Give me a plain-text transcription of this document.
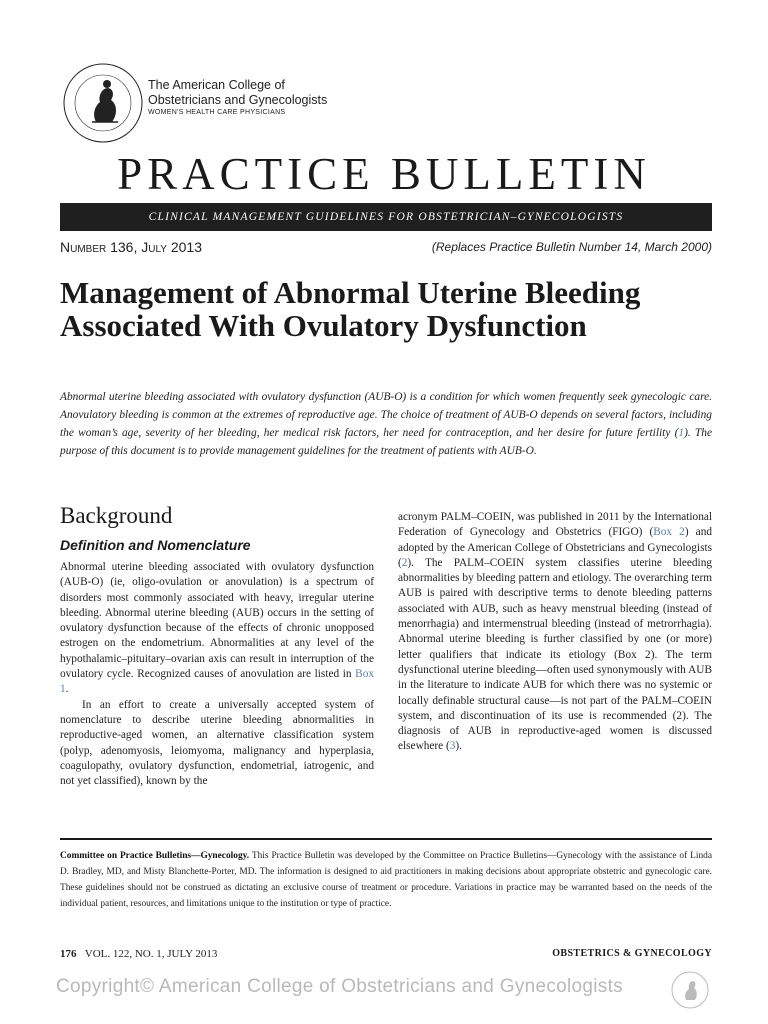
The American College of
Obstetricians and Gynecologists
WOMEN'S HEALTH CARE PHYSICIANS
PRACTICE BULLETIN
CLINICAL MANAGEMENT GUIDELINES FOR OBSTETRICIAN–GYNECOLOGISTS
Number 136, July 2013	(Replaces Practice Bulletin Number 14, March 2000)
Management of Abnormal Uterine Bleeding Associated With Ovulatory Dysfunction
Abnormal uterine bleeding associated with ovulatory dysfunction (AUB-O) is a condition for which women frequently seek gynecologic care. Anovulatory bleeding is common at the extremes of reproductive age. The choice of treatment of AUB-O depends on several factors, including the woman’s age, severity of her bleeding, her medical risk factors, her need for contraception, and her desire for future fertility (1). The purpose of this document is to provide management guidelines for the treatment of patients with AUB-O.
Background
Definition and Nomenclature

Abnormal uterine bleeding associated with ovulatory dysfunction (AUB-O) (ie, oligo-ovulation or anovulation) is a spectrum of disorders most commonly associated with heavy, irregular uterine bleeding. Abnormal uterine bleeding (AUB) occurs in the setting of ovulatory dysfunction because of the effects of chronic unopposed estrogen on the endometrium. Abnormalities at any level of the hypothalamic–pituitary–ovarian axis can result in interruption of the ovulatory cycle. Recognized causes of anovulation are listed in Box 1.

In an effort to create a universally accepted system of nomenclature to describe uterine bleeding abnormalities in reproductive-aged women, an alternative classification system (polyp, adenomyosis, leiomyoma, malignancy and hyperplasia, coagulopathy, ovulatory dysfunction, endometrial, iatrogenic, and not yet classified), known by the

acronym PALM–COEIN, was published in 2011 by the International Federation of Gynecology and Obstetrics (FIGO) (Box 2) and adopted by the American College of Obstetricians and Gynecologists (2). The PALM–COEIN system classifies uterine bleeding abnormalities by bleeding pattern and etiology. The overarching term AUB is paired with descriptive terms to denote bleeding patterns associated with AUB, such as heavy menstrual bleeding (instead of menorrhagia) and intermenstrual bleeding (instead of metrorrhagia). Abnormal uterine bleeding is further classified by one (or more) letter qualifiers that indicate its etiology (Box 2). The term dysfunctional uterine bleeding—often used synonymously with AUB in the literature to indicate AUB for which there was no systemic or locally definable structural cause—is not part of the PALM–COEIN system, and discontinuation of its use is recommended (2). The diagnosis of AUB in reproductive-aged women is discussed elsewhere (3).

Committee on Practice Bulletins—Gynecology. This Practice Bulletin was developed by the Committee on Practice Bulletins—Gynecology with the assistance of Linda D. Bradley, MD, and Misty Blanchette-Porter, MD. The information is designed to aid practitioners in making decisions about appropriate obstetric and gynecologic care. These guidelines should not be construed as dictating an exclusive course of treatment or procedure. Variations in practice may be warranted based on the needs of the individual patient, resources, and limitations unique to the institution or type of practice.
176 VOL. 122, NO. 1, JULY 2013	OBSTETRICS & GYNECOLOGY
Copyright© American College of Obstetricians and Gynecologists
